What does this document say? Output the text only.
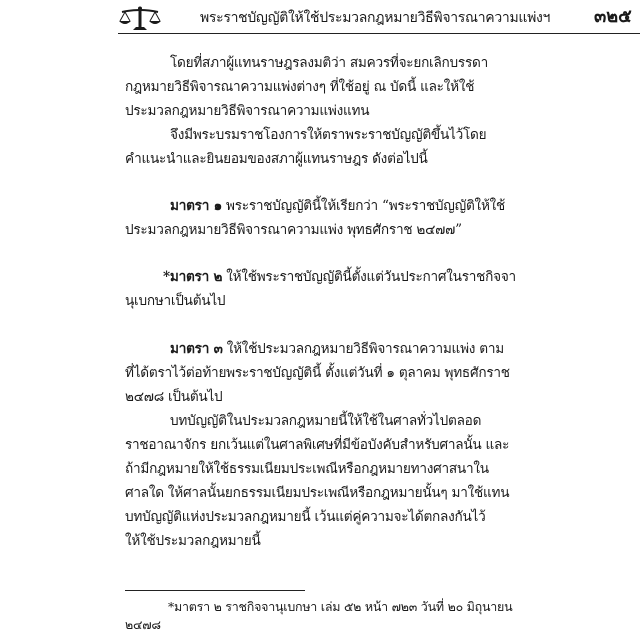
พระราชบัญญัติให้ใช้ประมวลกฎหมายวิธีพิจารณาความแพ่งฯ	๓๒๕
โดยที่สภาผู้แทนราษฎรลงมติว่า สมควรที่จะยกเลิกบรรดา
กฎหมายวิธีพิจารณาความแพ่งต่างๆ ที่ใช้อยู่ ณ บัดนี้ และให้ใช้
ประมวลกฎหมายวิธีพิจารณาความแพ่งแทน
จึงมีพระบรมราชโองการให้ตราพระราชบัญญัติขึ้นไว้โดย
คำแนะนำและยินยอมของสภาผู้แทนราษฎร ดังต่อไปนี้
มาตรา ๑ พระราชบัญญัตินี้ให้เรียกว่า “พระราชบัญญัติให้ใช้
ประมวลกฎหมายวิธีพิจารณาความแพ่ง พุทธศักราช ๒๔๗๗”
*มาตรา ๒ ให้ใช้พระราชบัญญัตินี้ตั้งแต่วันประกาศในราชกิจจา
นุเบกษาเป็นต้นไป
มาตรา ๓ ให้ใช้ประมวลกฎหมายวิธีพิจารณาความแพ่ง ตาม
ที่ได้ตราไว้ต่อท้ายพระราชบัญญัตินี้ ตั้งแต่วันที่ ๑ ตุลาคม พุทธศักราช
๒๔๗๘ เป็นต้นไป
บทบัญญัติในประมวลกฎหมายนี้ให้ใช้ในศาลทั่วไปตลอด
ราชอาณาจักร ยกเว้นแต่ในศาลพิเศษที่มีข้อบังคับสำหรับศาลนั้น และ
ถ้ามีกฎหมายให้ใช้ธรรมเนียมประเพณีหรือกฎหมายทางศาสนาใน
ศาลใด ให้ศาลนั้นยกธรรมเนียมประเพณีหรือกฎหมายนั้นๆ มาใช้แทน
บทบัญญัติแห่งประมวลกฎหมายนี้ เว้นแต่คู่ความจะได้ตกลงกันไว้
ให้ใช้ประมวลกฎหมายนี้
*มาตรา ๒ ราชกิจจานุเบกษา เล่ม ๕๒ หน้า ๗๒๓ วันที่ ๒๐ มิถุนายน
๒๔๗๘
